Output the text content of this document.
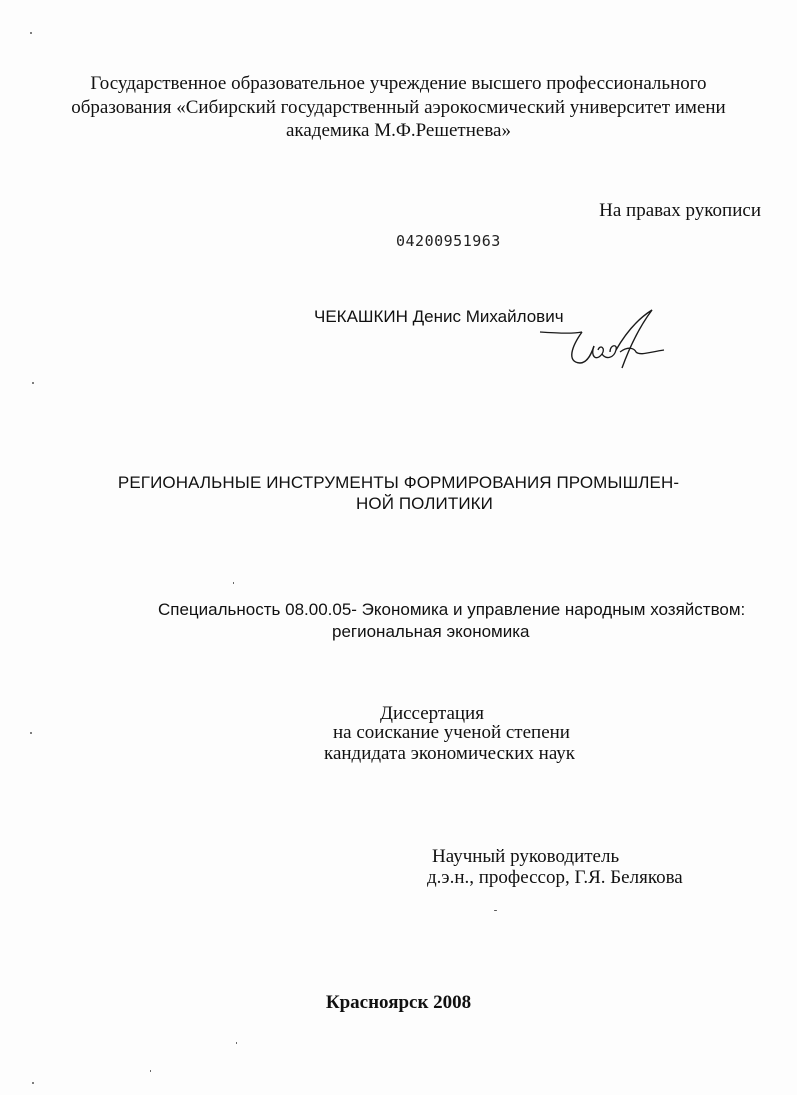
Государственное образовательное учреждение высшего профессионального
образования «Сибирский государственный аэрокосмический университет имени
академика М.Ф.Решетнева»
На правах рукописи
04200951963
ЧЕКАШКИН Денис Михайлович
РЕГИОНАЛЬНЫЕ ИНСТРУМЕНТЫ ФОРМИРОВАНИЯ ПРОМЫШЛЕН-
НОЙ ПОЛИТИКИ
Специальность 08.00.05- Экономика и управление народным хозяйством:
региональная экономика
Диссертация
на соискание ученой степени
кандидата экономических наук
Научный руководитель
д.э.н., профессор, Г.Я. Белякова
Красноярск 2008
